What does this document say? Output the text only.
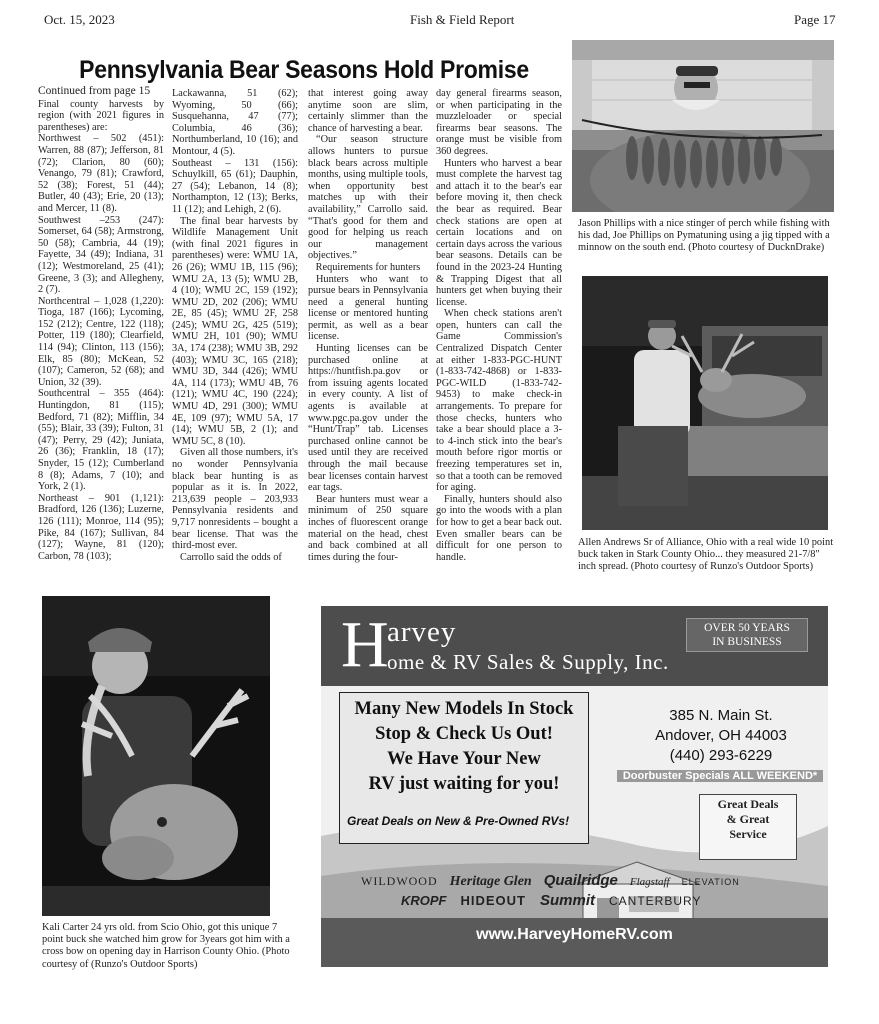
Oct. 15, 2023	Fish & Field Report	Page 17
Pennsylvania Bear Seasons Hold Promise

Continued from page 15

Final county harvests by region (with 2021 figures in parentheses) are:

Northwest – 502 (451): Warren, 88 (87); Jefferson, 81 (72); Clarion, 80 (60); Venango, 79 (81); Crawford, 52 (38); Forest, 51 (44); Butler, 40 (43); Erie, 20 (13); and Mercer, 11 (8).

Southwest –253 (247): Somerset, 64 (58); Armstrong, 50 (58); Cambria, 44 (19); Fayette, 34 (49); Indiana, 31 (12); Westmoreland, 25 (41); Greene, 3 (3); and Allegheny, 2 (7).

Northcentral – 1,028 (1,220): Tioga, 187 (166); Lycoming, 152 (212); Centre, 122 (118); Potter, 119 (180); Clearfield, 114 (94); Clinton, 113 (156); Elk, 85 (80); McKean, 52 (107); Cameron, 52 (68); and Union, 32 (39).

Southcentral – 355 (464): Huntingdon, 81 (115); Bedford, 71 (82); Mifflin, 34 (55); Blair, 33 (39); Fulton, 31 (47); Perry, 29 (42); Juniata, 26 (36); Franklin, 18 (17); Snyder, 15 (12); Cumberland 8 (8); Adams, 7 (10); and York, 2 (1).

Northeast – 901 (1,121): Bradford, 126 (136); Luzerne, 126 (111); Monroe, 114 (95); Pike, 84 (167); Sullivan, 84 (127); Wayne, 81 (120); Carbon, 78 (103);

Lackawanna, 51 (62); Wyoming, 50 (66); Susquehanna, 47 (77); Columbia, 46 (36); Northumberland, 10 (16); and Montour, 4 (5).

Southeast – 131 (156): Schuylkill, 65 (61); Dauphin, 27 (54); Lebanon, 14 (8); Northampton, 12 (13); Berks, 11 (12); and Lehigh, 2 (6).

The final bear harvests by Wildlife Management Unit (with final 2021 figures in parentheses) were: WMU 1A, 26 (26); WMU 1B, 115 (96); WMU 2A, 13 (5); WMU 2B, 4 (10); WMU 2C, 159 (192); WMU 2D, 202 (206); WMU 2E, 85 (45); WMU 2F, 258 (245); WMU 2G, 425 (519); WMU 2H, 101 (90); WMU 3A, 174 (238); WMU 3B, 292 (403); WMU 3C, 165 (218); WMU 3D, 344 (426); WMU 4A, 114 (173); WMU 4B, 76 (121); WMU 4C, 190 (224); WMU 4D, 291 (300); WMU 4E, 109 (97); WMU 5A, 17 (14); WMU 5B, 2 (1); and WMU 5C, 8 (10).

Given all those numbers, it's no wonder Pennsylvania black bear hunting is as popular as it is. In 2022, 213,639 people – 203,933 Pennsylvania residents and 9,717 nonresidents – bought a bear license. That was the third-most ever.

Carrollo said the odds of

that interest going away anytime soon are slim, certainly slimmer than the chance of harvesting a bear.

“Our season structure allows hunters to pursue black bears across multiple months, using multiple tools, when opportunity best matches up with their availability,” Carrollo said. “That's good for them and good for helping us reach our management objectives.”

Requirements for hunters

Hunters who want to pursue bears in Pennsylvania need a general hunting license or mentored hunting permit, as well as a bear license.

Hunting licenses can be purchased online at https://huntfish.pa.gov or from issuing agents located in every county. A list of agents is available at www.pgc.pa.gov under the “Hunt/Trap” tab. Licenses purchased online cannot be used until they are received through the mail because bear licenses contain harvest ear tags.

Bear hunters must wear a minimum of 250 square inches of fluorescent orange material on the head, chest and back combined at all times during the four-

day general firearms season, or when participating in the muzzleloader or special firearms bear seasons. The orange must be visible from 360 degrees.

Hunters who harvest a bear must complete the harvest tag and attach it to the bear's ear before moving it, then check the bear as required. Bear check stations are open at certain locations and on certain days across the various bear seasons. Details can be found in the 2023-24 Hunting & Trapping Digest that all hunters get when buying their license.

When check stations aren't open, hunters can call the Game Commission's Centralized Dispatch Center at either 1-833-PGC-HUNT (1-833-742-4868) or 1-833-PGC-WILD (1-833-742-9453) to make check-in arrangements. To prepare for those checks, hunters who take a bear should place a 3- to 4-inch stick into the bear's mouth before rigor mortis or freezing temperatures set in, so that a tooth can be removed for aging.

Finally, hunters should also go into the woods with a plan for how to get a bear back out. Even smaller bears can be difficult for one person to handle.

Jason Phillips with a nice stinger of perch while fishing with his dad, Joe Phillips on Pymatuning using a jig tipped with a minnow on the south end. (Photo courtesy of DucknDrake)
Allen Andrews Sr of Alliance, Ohio with a real wide 10 point buck taken in Stark County Ohio... they measured 21-7/8" inch spread. (Photo courtesy of Runzo's Outdoor Sports)
Kali Carter 24 yrs old. from Scio Ohio, got this unique 7 point buck she watched him grow for 3years got him with a cross bow on opening day in Harrison County Ohio. (Photo courtesy of (Runzo's Outdoor Sports)
H
arvey
ome & RV Sales & Supply, Inc.
OVER 50 YEARS
IN BUSINESS
Many New Models In Stock
Stop & Check Us Out!
We Have Your New
RV just waiting for you!
385 N. Main St.
Andover, OH 44003
(440) 293-6229
Doorbuster Specials ALL WEEKEND*
Great Deals on New & Pre-Owned RVs!
Great Deals
& Great
Service
WILDWOOD Heritage Glen Quailridge Flagstaff ELEVATION
KROPF HIDEOUT Summit CANTERBURY
www.HarveyHomeRV.com
